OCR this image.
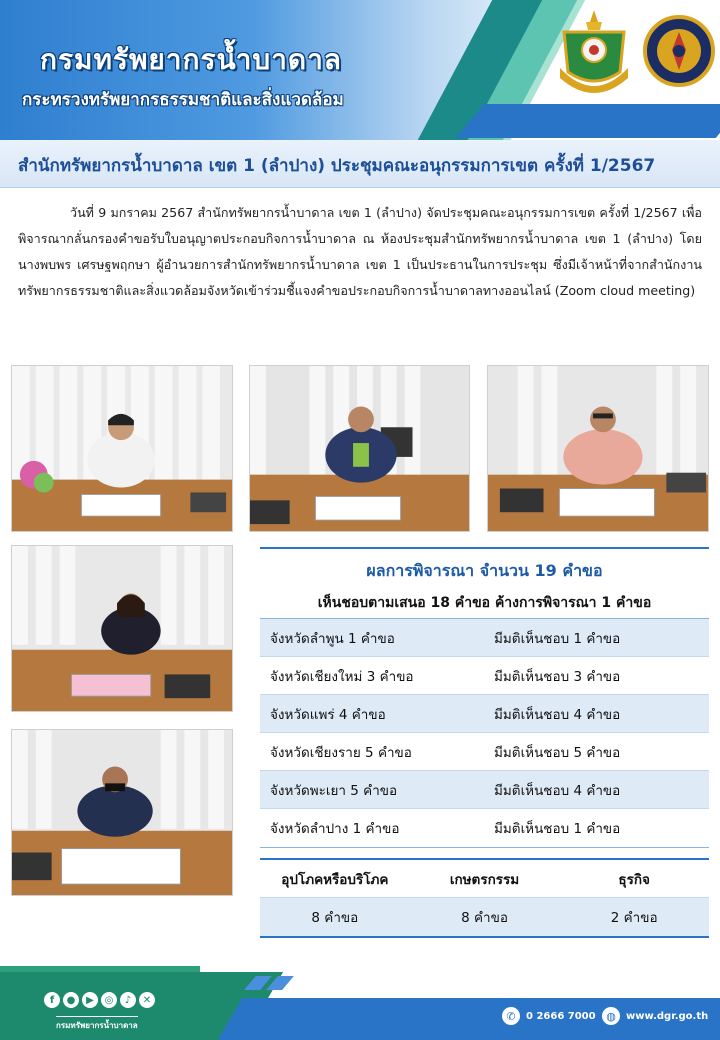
กรมทรัพยากรน้ำบาดาล
กระทรวงทรัพยากรธรรมชาติและสิ่งแวดล้อม
สำนักทรัพยากรน้ำบาดาล เขต 1 (ลำปาง) ประชุมคณะอนุกรรมการเขต ครั้งที่ 1/2567

วันที่ 9 มกราคม 2567 สำนักทรัพยากรน้ำบาดาล เขต 1 (ลำปาง) จัดประชุมคณะอนุกรรมการเขต ครั้งที่ 1/2567 เพื่อพิจารณากลั่นกรองคำขอรับใบอนุญาตประกอบกิจการน้ำบาดาล ณ ห้องประชุมสำนักทรัพยากรน้ำบาดาล เขต 1 (ลำปาง) โดย นางพบพร เศรษฐพฤกษา ผู้อำนวยการสำนักทรัพยากรน้ำบาดาล เขต 1 เป็นประธานในการประชุม ซึ่งมีเจ้าหน้าที่จากสำนักงานทรัพยากรธรรมชาติและสิ่งแวดล้อมจังหวัดเข้าร่วมชี้แจงคำขอประกอบกิจการน้ำบาดาลทางออนไลน์ (Zoom cloud meeting)

ผลการพิจารณา จำนวน 19 คำขอ
เห็นชอบตามเสนอ 18 คำขอ ค้างการพิจารณา 1 คำขอ
จังหวัดลำพูน 1 คำขอ	มีมติเห็นชอบ 1 คำขอ
จังหวัดเชียงใหม่ 3 คำขอ	มีมติเห็นชอบ 3 คำขอ
จังหวัดแพร่ 4 คำขอ	มีมติเห็นชอบ 4 คำขอ
จังหวัดเชียงราย 5 คำขอ	มีมติเห็นชอบ 5 คำขอ
จังหวัดพะเยา 5 คำขอ	มีมติเห็นชอบ 4 คำขอ
จังหวัดลำปาง 1 คำขอ	มีมติเห็นชอบ 1 คำขอ
อุปโภคหรือบริโภค	เกษตรกรรม	ธุรกิจ
8 คำขอ	8 คำขอ	2 คำขอ
f	●	▶	◎	♪	✕
กรมทรัพยากรน้ำบาดาล
✆	0 2666 7000 ◍	www.dgr.go.th
